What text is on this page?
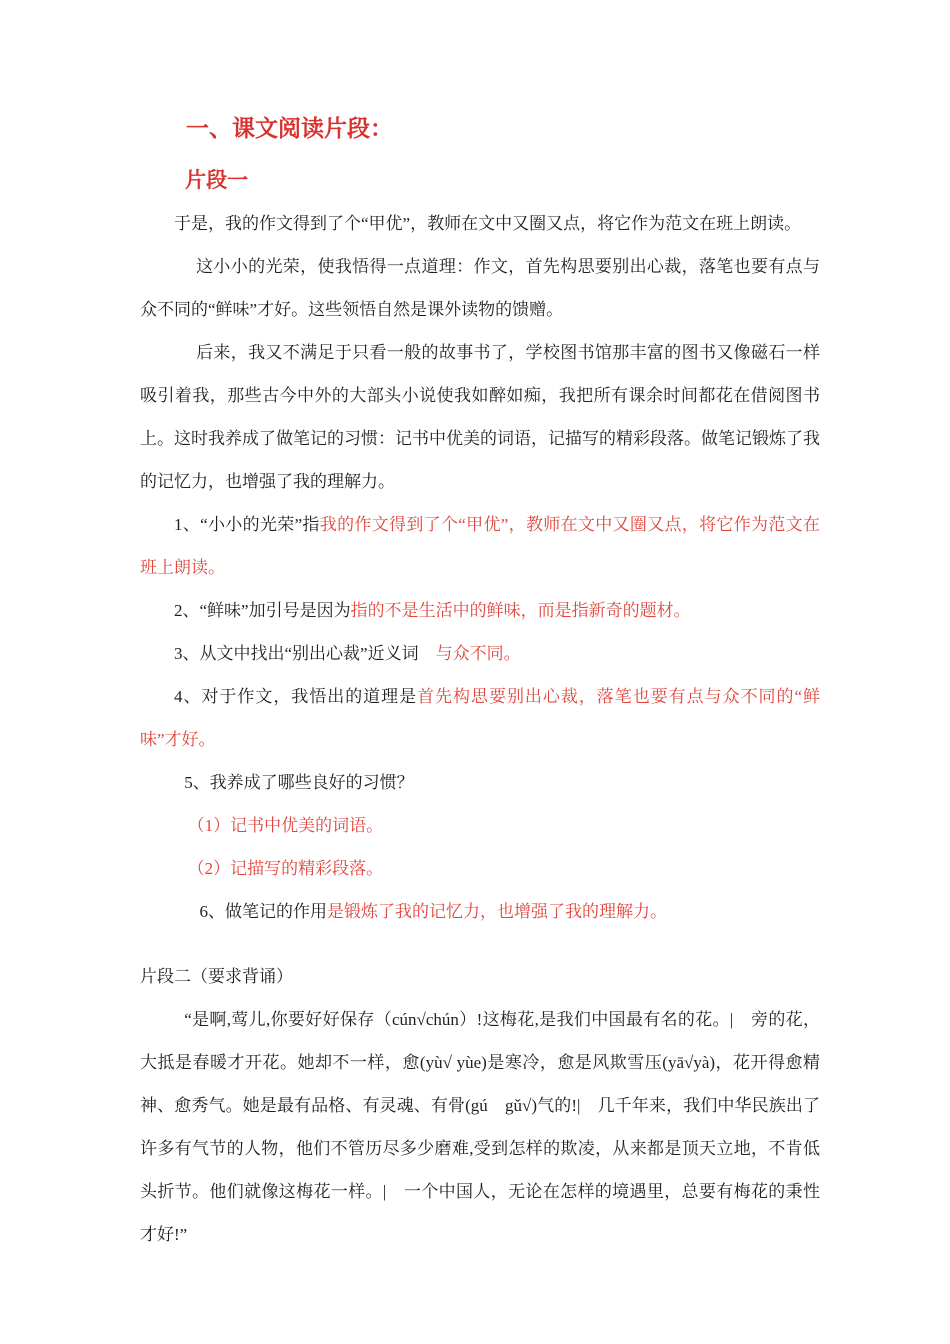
一、课文阅读片段：
片段一

于是，我的作文得到了个“甲优”，教师在文中又圈又点，将它作为范文在班上朗读。

这小小的光荣，使我悟得一点道理：作文，首先构思要别出心裁，落笔也要有点与众不同的“鲜味”才好。这些领悟自然是课外读物的馈赠。

后来，我又不满足于只看一般的故事书了，学校图书馆那丰富的图书又像磁石一样吸引着我，那些古今中外的大部头小说使我如醉如痴，我把所有课余时间都花在借阅图书上。这时我养成了做笔记的习惯：记书中优美的词语，记描写的精彩段落。做笔记锻炼了我的记忆力，也增强了我的理解力。

1、“小小的光荣”指我的作文得到了个“甲优”，教师在文中又圈又点，将它作为范文在班上朗读。

2、“鲜味”加引号是因为指的不是生活中的鲜味，而是指新奇的题材。

3、从文中找出“别出心裁”近义词　与众不同。

4、对于作文，我悟出的道理是首先构思要别出心裁，落笔也要有点与众不同的“鲜味”才好。

5、我养成了哪些良好的习惯？

（1）记书中优美的词语。

（2）记描写的精彩段落。

6、做笔记的作用是锻炼了我的记忆力，也增强了我的理解力。

片段二（要求背诵）

“是啊,莺儿,你要好好保存（cún√chún）!这梅花,是我们中国最有名的花。|　旁的花，大抵是春暖才开花。她却不一样，愈(yù√ yùe)是寒冷，愈是风欺雪压(yā√yà)，花开得愈精神、愈秀气。她是最有品格、有灵魂、有骨(gú　gǔ√)气的!|　几千年来，我们中华民族出了许多有气节的人物，他们不管历尽多少磨难,受到怎样的欺凌，从来都是顶天立地，不肯低头折节。他们就像这梅花一样。|　一个中国人，无论在怎样的境遇里，总要有梅花的秉性才好!”
